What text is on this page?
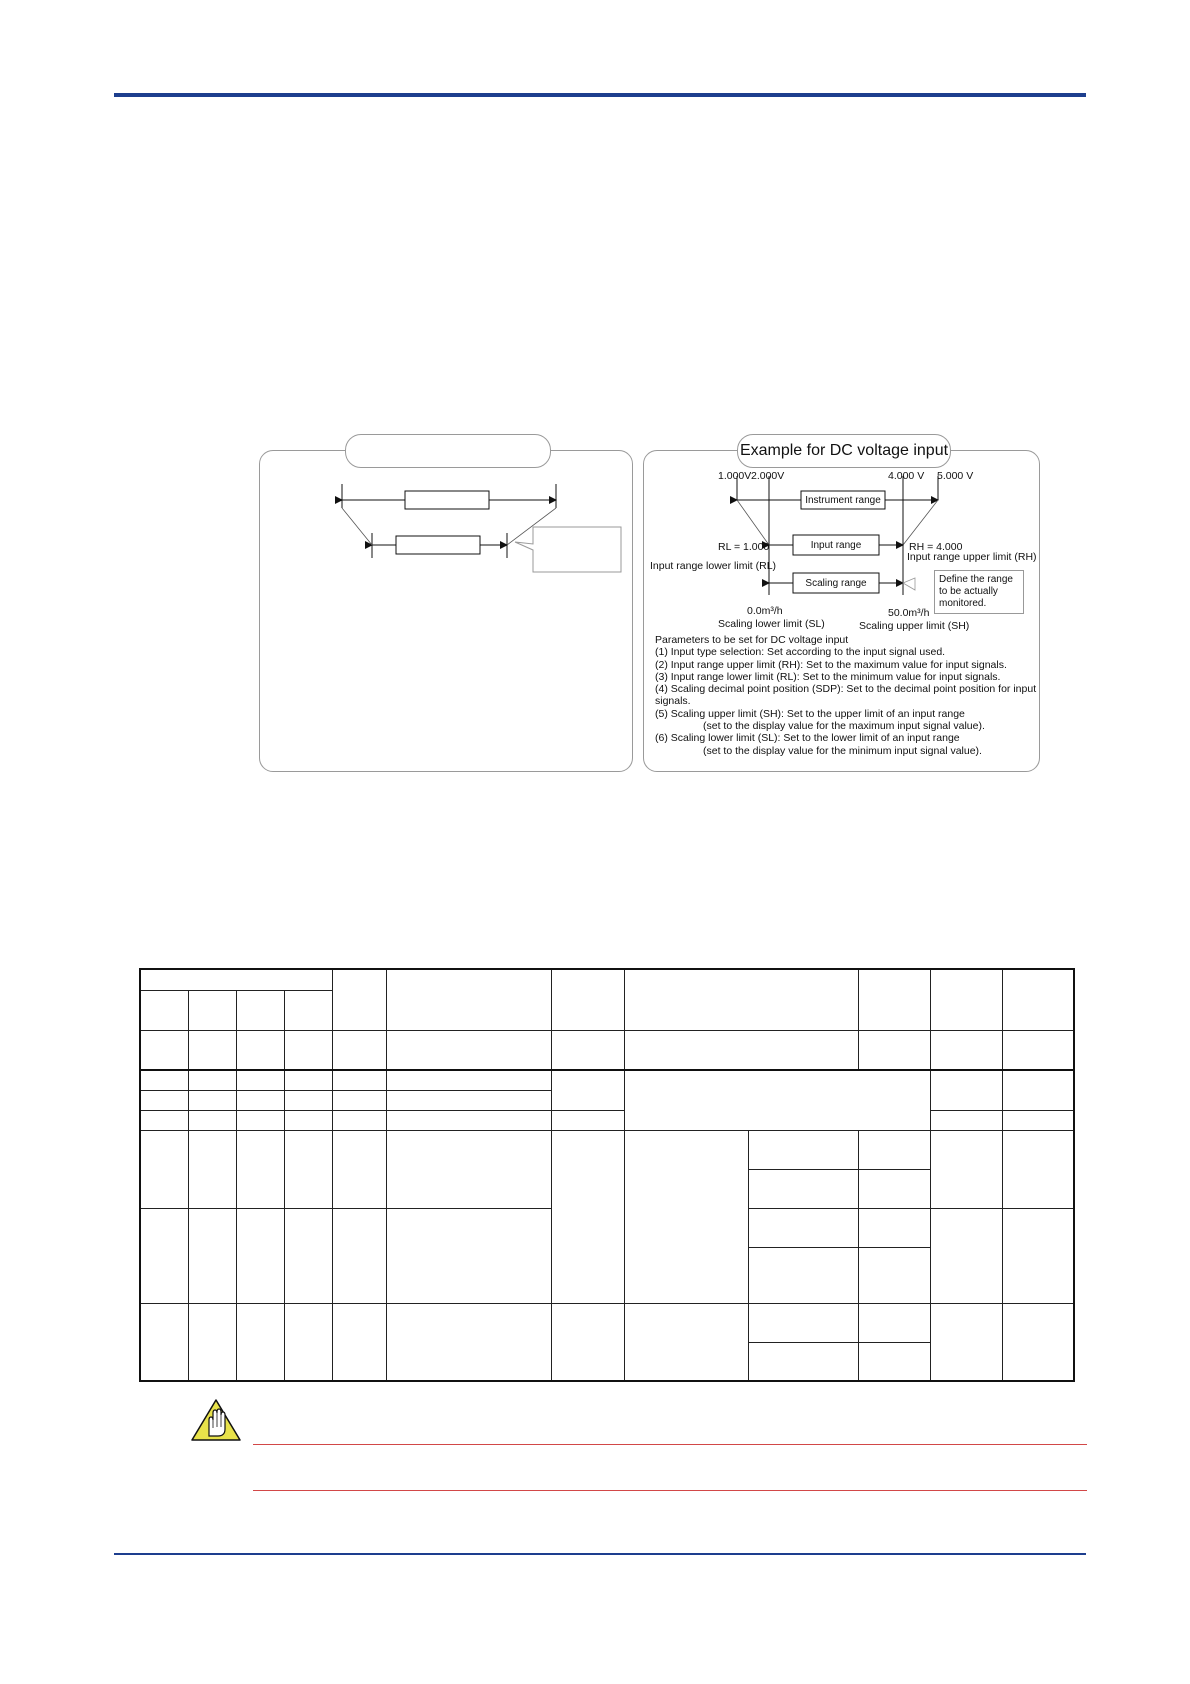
Example for DC voltage input
1.000V 2.000V	4.000 V 5.000 V
Instrument range
Input range
Scaling range
RL = 1.000
Input range lower limit (RL)
RH = 4.000
Input range upper limit (RH)
Define the range
to be actually
monitored.
0.0m³/h
Scaling lower limit (SL)
50.0m³/h
Scaling upper limit (SH)
Parameters to be set for DC voltage input
(1) Input type selection: Set according to the input signal used.
(2) Input range upper limit (RH): Set to the maximum value for input signals.
(3) Input range lower limit (RL): Set to the minimum value for input signals.
(4) Scaling decimal point position (SDP): Set to the decimal point position for input
signals.
(5) Scaling upper limit (SH): Set to the upper limit of an input range
(set to the display value for the maximum input signal value).
(6) Scaling lower limit (SL): Set to the lower limit of an input range
(set to the display value for the minimum input signal value).
